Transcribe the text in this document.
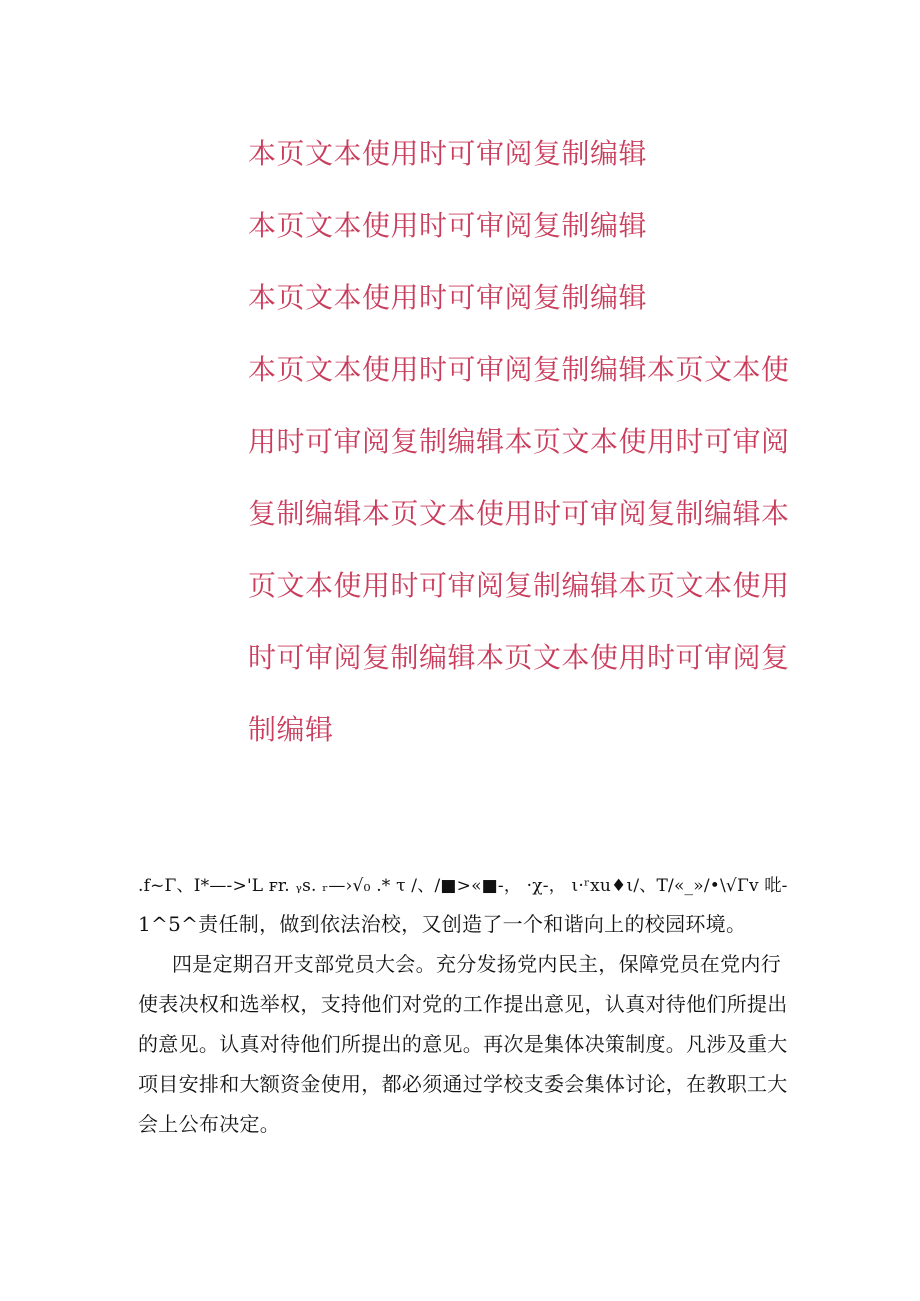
本页文本使用时可审阅复制编辑
本页文本使用时可审阅复制编辑
本页文本使用时可审阅复制编辑
本页文本使用时可审阅复制编辑本页文本使
用时可审阅复制编辑本页文本使用时可审阅
复制编辑本页文本使用时可审阅复制编辑本
页文本使用时可审阅复制编辑本页文本使用
时可审阅复制编辑本页文本使用时可审阅复
制编辑
.f~Γ、I*—->'L ꜰr. ᵧs. ᵣ—›√₀ .* τ /、/■>«■-， ·χ-， ι·ʳxu♦ι/、T/«_»/•\√Γv 吡-
1^5^责任制，做到依法治校，又创造了一个和谐向上的校园环境。
四是定期召开支部党员大会。充分发扬党内民主，保障党员在党内行
使表决权和选举权，支持他们对党的工作提出意见，认真对待他们所提出
的意见。认真对待他们所提出的意见。再次是集体决策制度。凡涉及重大
项目安排和大额资金使用，都必须通过学校支委会集体讨论，在教职工大
会上公布决定。
